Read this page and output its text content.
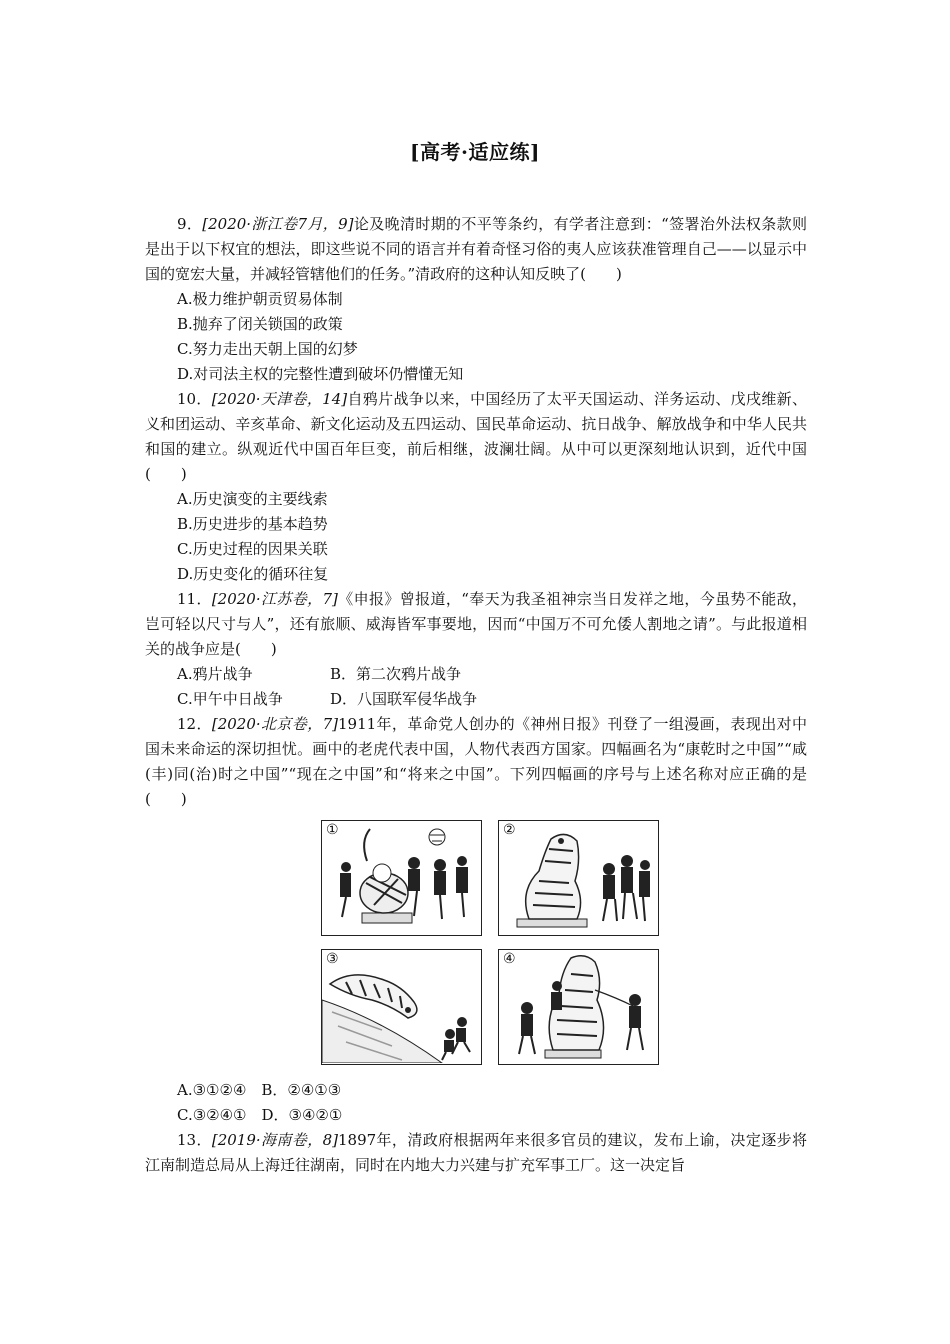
[高考·适应练]

9．[2020·浙江卷7月，9]论及晚清时期的不平等条约，有学者注意到：“签署治外法权条款则是出于以下权宜的想法，即这些说不同的语言并有着奇怪习俗的夷人应该获准管理自己——以显示中国的宽宏大量，并减轻管辖他们的任务。”清政府的这种认知反映了(　　)

A.极力维护朝贡贸易体制

B.抛弃了闭关锁国的政策

C.努力走出天朝上国的幻梦

D.对司法主权的完整性遭到破坏仍懵懂无知

10．[2020·天津卷，14]自鸦片战争以来，中国经历了太平天国运动、洋务运动、戊戌维新、义和团运动、辛亥革命、新文化运动及五四运动、国民革命运动、抗日战争、解放战争和中华人民共和国的建立。纵观近代中国百年巨变，前后相继，波澜壮阔。从中可以更深刻地认识到，近代中国(　　)

A.历史演变的主要线索

B.历史进步的基本趋势

C.历史过程的因果关联

D.历史变化的循环往复

11．[2020·江苏卷，7]《申报》曾报道，“奉天为我圣祖神宗当日发祥之地，今虽势不能敌，岂可轻以尺寸与人”，还有旅顺、威海皆军事要地，因而“中国万不可允倭人割地之请”。与此报道相关的战争应是(　　)

A.鸦片战争	B．第二次鸦片战争

C.甲午中日战争	D．八国联军侵华战争

12．[2020·北京卷，7]1911年，革命党人创办的《神州日报》刊登了一组漫画，表现出对中国未来命运的深切担忧。画中的老虎代表中国，人物代表西方国家。四幅画名为“康乾时之中国”“咸(丰)同(治)时之中国”“现在之中国”和“将来之中国”。下列四幅画的序号与上述名称对应正确的是(　　)

①	②
③	④

A.③①②④　B．②④①③

C.③②④①　D．③④②①

13．[2019·海南卷，8]1897年，清政府根据两年来很多官员的建议，发布上谕，决定逐步将江南制造总局从上海迁往湖南，同时在内地大力兴建与扩充军事工厂。这一决定旨
